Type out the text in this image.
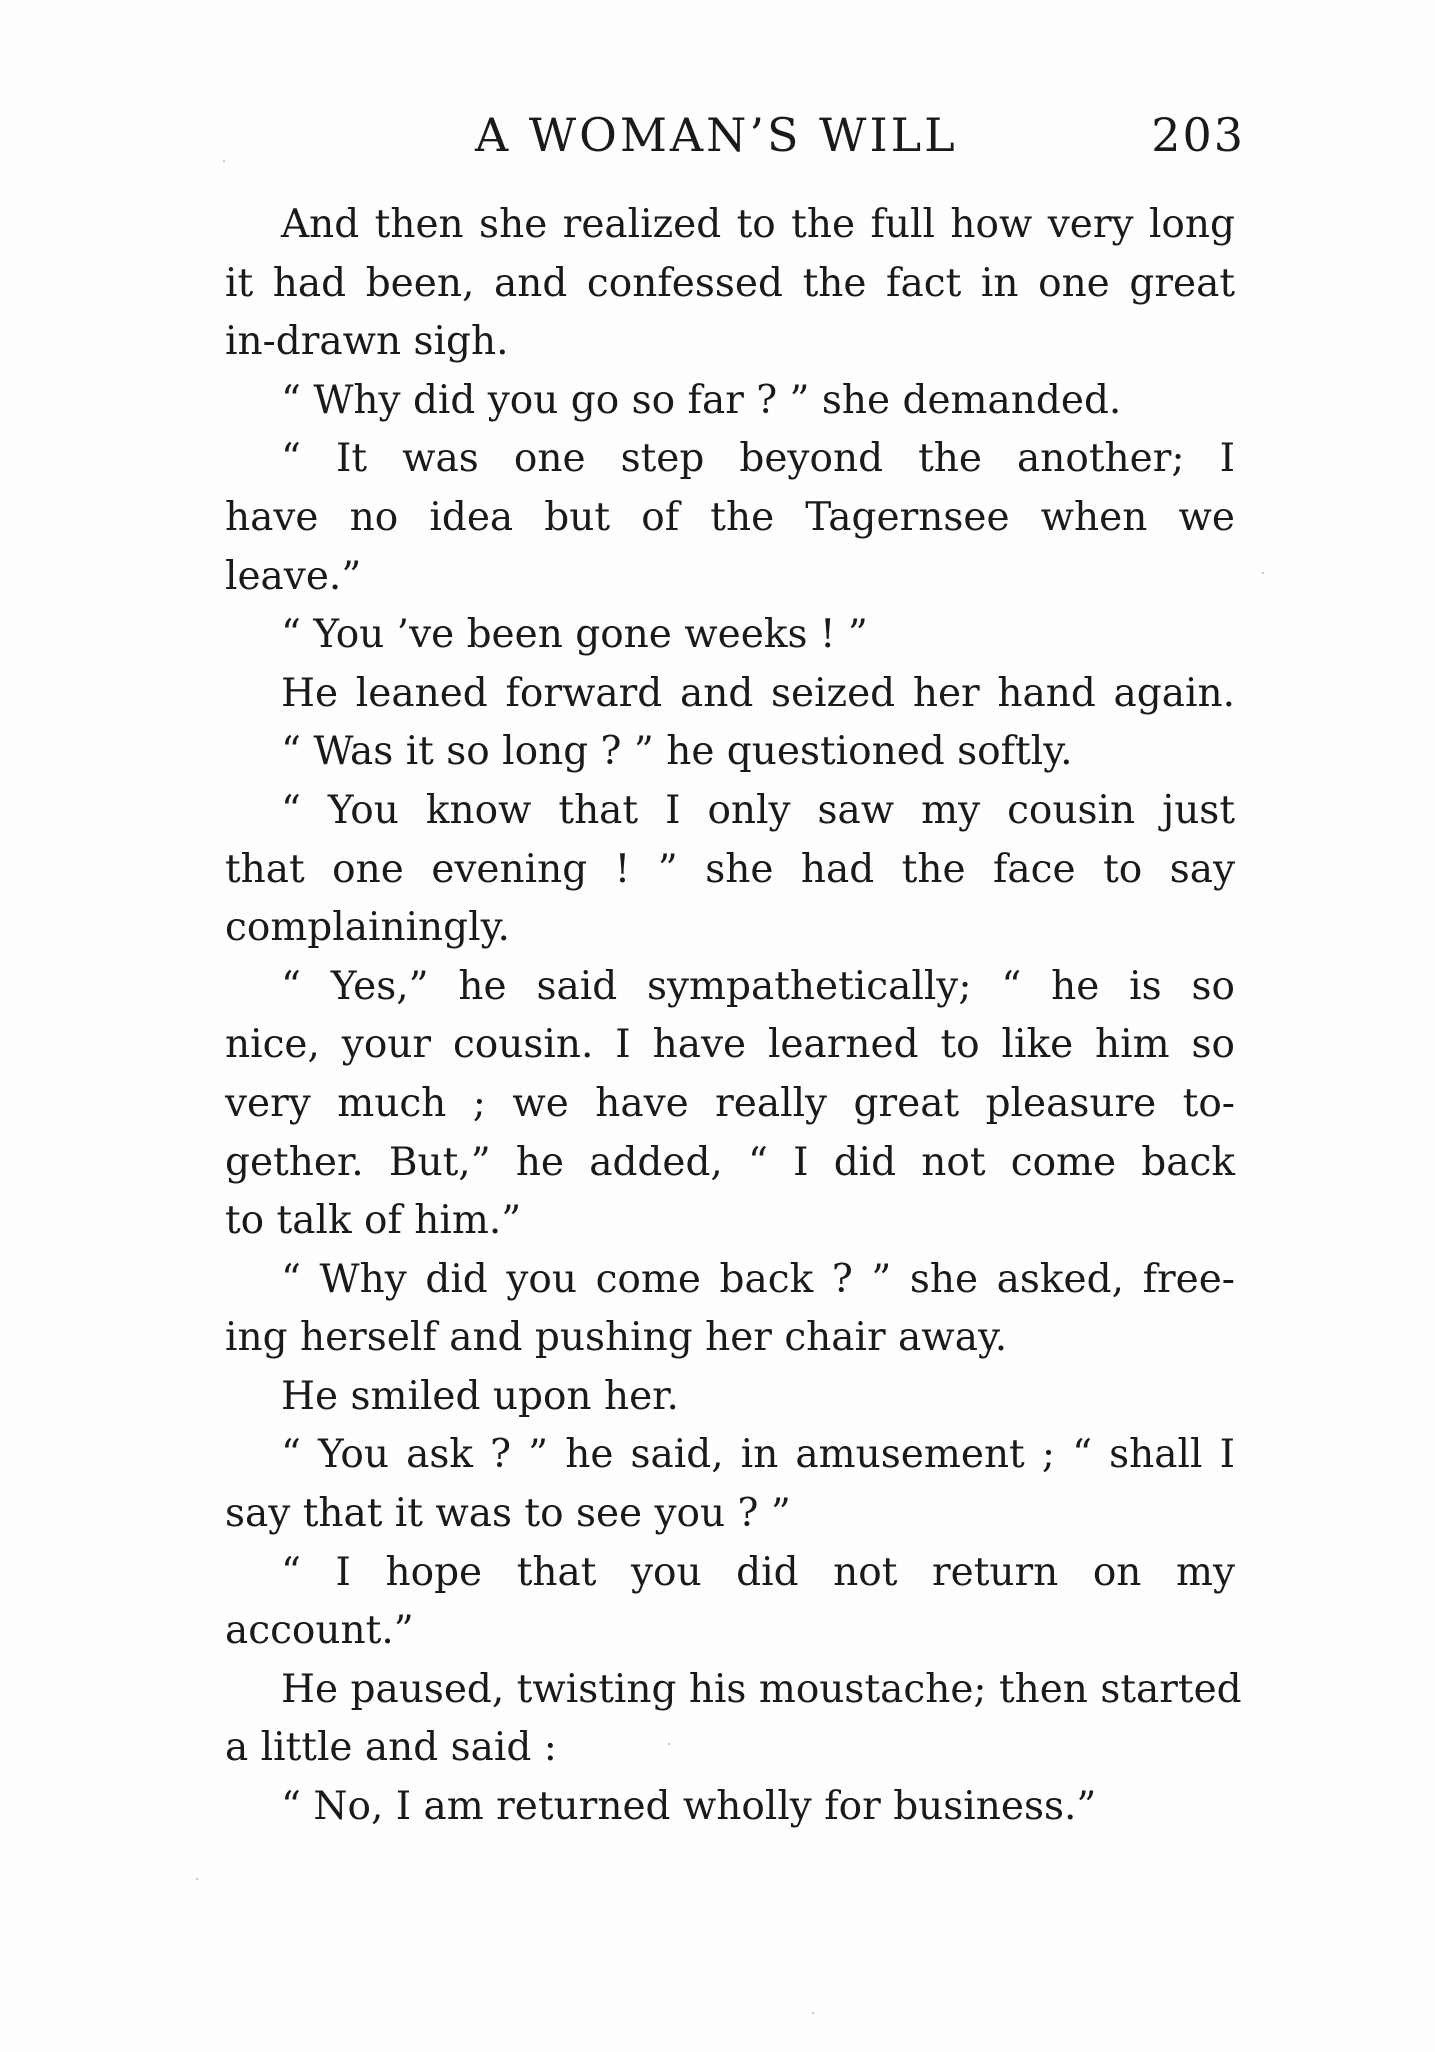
A WOMAN’S WILL	203
And then she realized to the full how very long
it had been, and confessed the fact in one great
in-drawn sigh.
“ Why did you go so far ? ” she demanded.
“ It was one step beyond the another; I
have no idea but of the Tagernsee when we
leave.”
“ You ’ve been gone weeks ! ”
He leaned forward and seized her hand again.
“ Was it so long ? ” he questioned softly.
“ You know that I only saw my cousin just
that one evening ! ” she had the face to say
complainingly.
“ Yes,” he said sympathetically; “ he is so
nice, your cousin. I have learned to like him so
very much ; we have really great pleasure to-
gether. But,” he added, “ I did not come back
to talk of him.”
“ Why did you come back ? ” she asked, free-
ing herself and pushing her chair away.
He smiled upon her.
“ You ask ? ” he said, in amusement ; “ shall I
say that it was to see you ? ”
“ I hope that you did not return on my
account.”
He paused, twisting his moustache; then started
a little and said :
“ No, I am returned wholly for business.”
